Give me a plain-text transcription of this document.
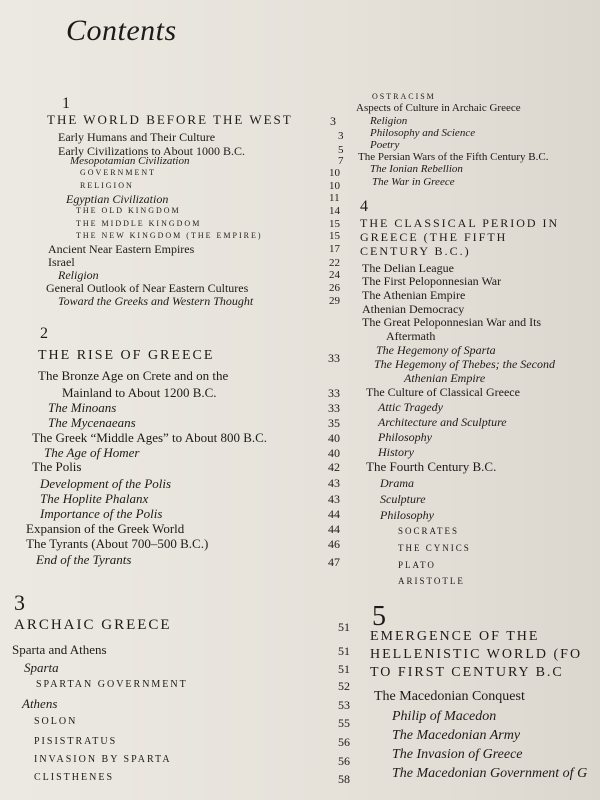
Contents
1
THE WORLD BEFORE THE WEST	3
Early Humans and Their Culture	3
Early Civilizations to About 1000 B.C.	5
Mesopotamian Civilization	7
GOVERNMENT	10
RELIGION	10
Egyptian Civilization	11
THE OLD KINGDOM	14
THE MIDDLE KINGDOM	15
THE NEW KINGDOM (THE EMPIRE)	15
Ancient Near Eastern Empires	17
Israel	22
Religion	24
General Outlook of Near Eastern Cultures	26
Toward the Greeks and Western Thought	29
2
THE RISE OF GREECE	33
The Bronze Age on Crete and on the
Mainland to About 1200 B.C.	33
The Minoans	33
The Mycenaeans	35
The Greek “Middle Ages” to About 800 B.C.	40
The Age of Homer	40
The Polis	42
Development of the Polis	43
The Hoplite Phalanx	43
Importance of the Polis	44
Expansion of the Greek World	44
The Tyrants (About 700–500 B.C.)	46
End of the Tyrants	47
3
ARCHAIC GREECE	51
Sparta and Athens	51
Sparta	51
SPARTAN GOVERNMENT	52
Athens	53
SOLON	55
PISISTRATUS	56
INVASION BY SPARTA	56
CLISTHENES	58
OSTRACISM
Aspects of Culture in Archaic Greece
Religion
Philosophy and Science
Poetry
The Persian Wars of the Fifth Century B.C.
The Ionian Rebellion
The War in Greece
4
THE CLASSICAL PERIOD IN
GREECE (THE FIFTH
CENTURY B.C.)
The Delian League
The First Peloponnesian War
The Athenian Empire
Athenian Democracy
The Great Peloponnesian War and Its
Aftermath
The Hegemony of Sparta
The Hegemony of Thebes; the Second
Athenian Empire
The Culture of Classical Greece
Attic Tragedy
Architecture and Sculpture
Philosophy
History
The Fourth Century B.C.
Drama
Sculpture
Philosophy
SOCRATES
THE CYNICS
PLATO
ARISTOTLE
5
EMERGENCE OF THE
HELLENISTIC WORLD (FO
TO FIRST CENTURY B.C
The Macedonian Conquest
Philip of Macedon
The Macedonian Army
The Invasion of Greece
The Macedonian Government of G
